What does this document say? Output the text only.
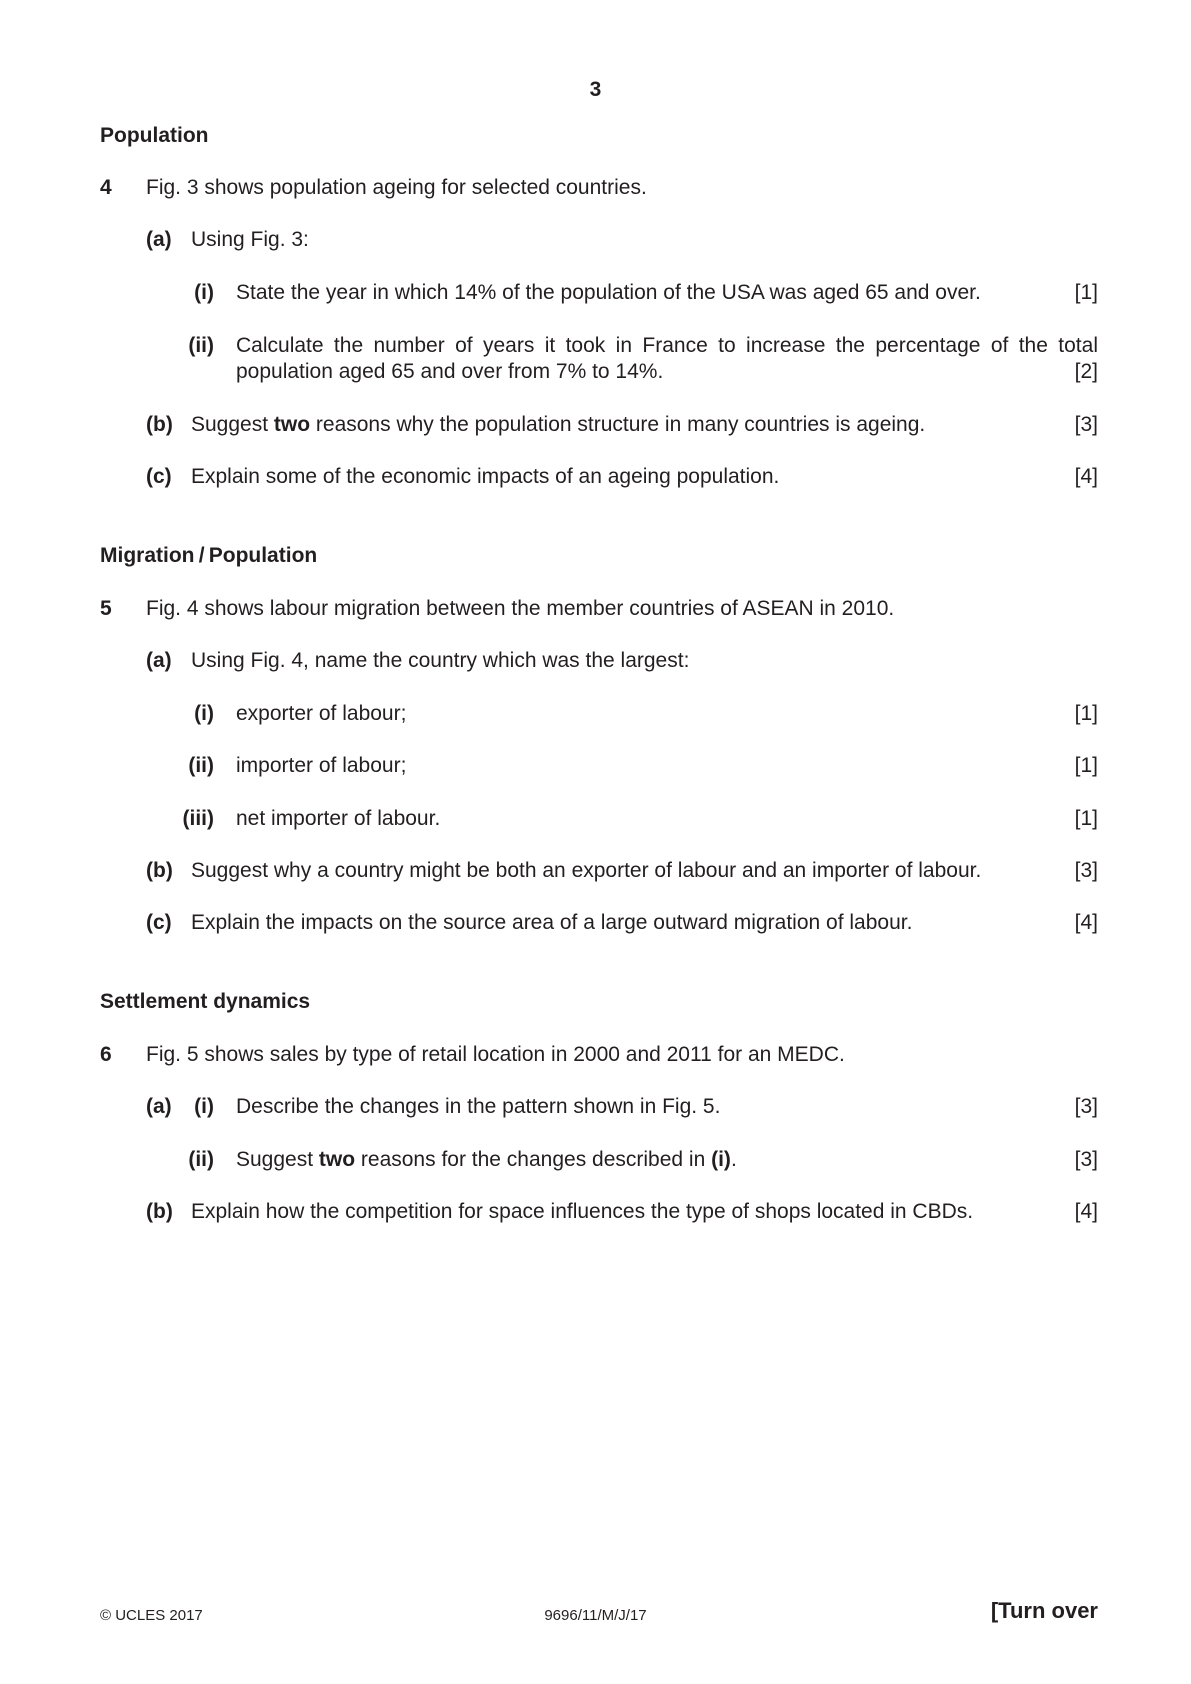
3
Population
4 Fig. 3 shows population ageing for selected countries.
(a) Using Fig. 3:
(i) State the year in which 14% of the population of the USA was aged 65 and over.	[1]
(ii) Calculate the number of years it took in France to increase the percentage of the total population aged 65 and over from 7% to 14%.	[2]
(b) Suggest two reasons why the population structure in many countries is ageing.	[3]
(c) Explain some of the economic impacts of an ageing population.	[4]
Migration / Population
5 Fig. 4 shows labour migration between the member countries of ASEAN in 2010.
(a) Using Fig. 4, name the country which was the largest:
(i) exporter of labour;	[1]
(ii) importer of labour;	[1]
(iii) net importer of labour.	[1]
(b) Suggest why a country might be both an exporter of labour and an importer of labour.	[3]
(c) Explain the impacts on the source area of a large outward migration of labour.	[4]
Settlement dynamics
6 Fig. 5 shows sales by type of retail location in 2000 and 2011 for an MEDC.
(a)	(i) Describe the changes in the pattern shown in Fig. 5.	[3]
(ii) Suggest two reasons for the changes described in (i).	[3]
(b) Explain how the competition for space influences the type of shops located in CBDs.	[4]
© UCLES 2017	9696/11/M/J/17	[Turn over
